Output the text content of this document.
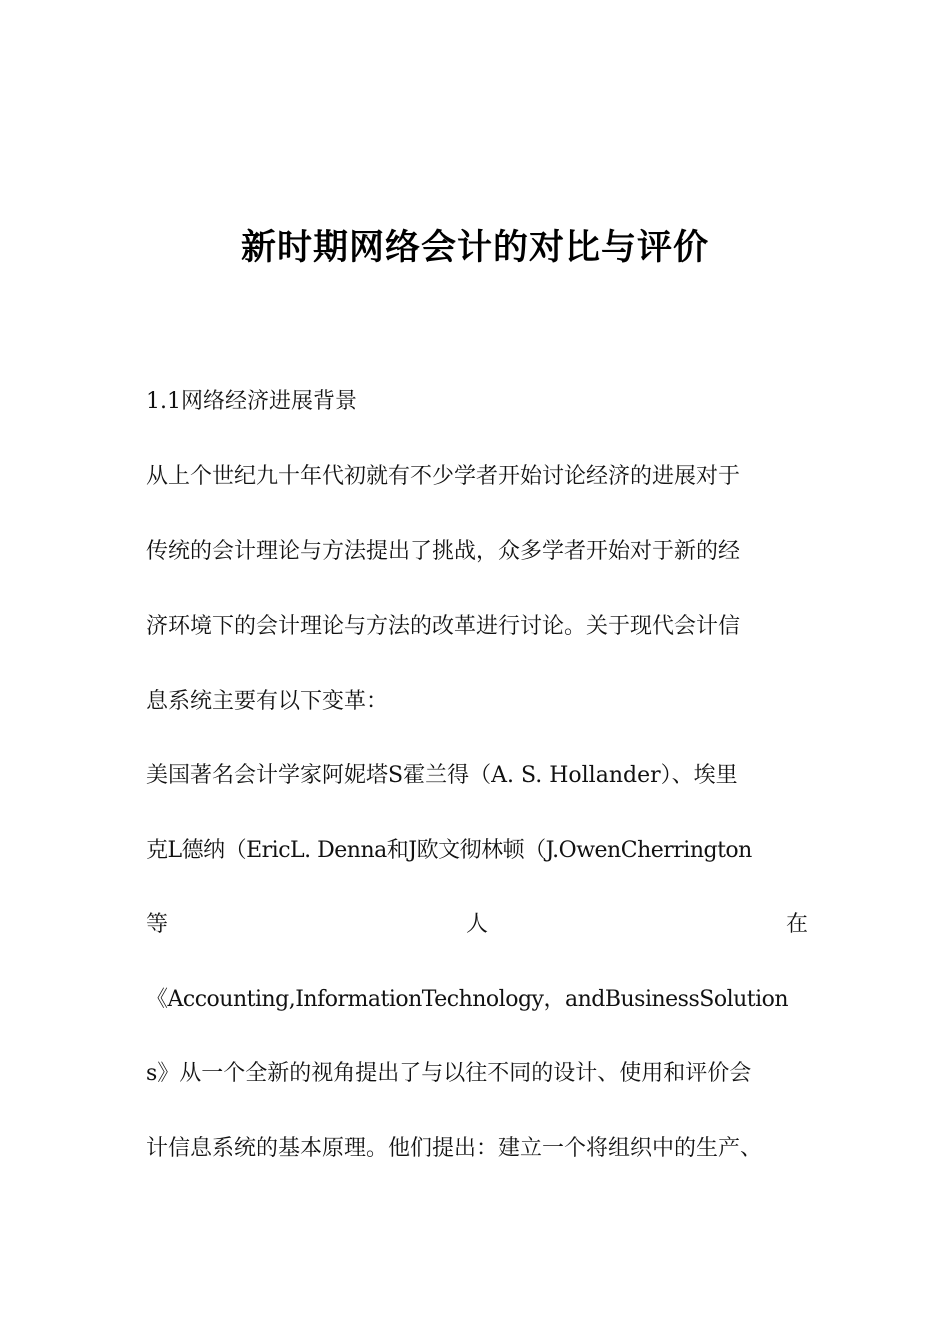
新时期网络会计的对比与评价
1.1网络经济进展背景
从上个世纪九十年代初就有不少学者开始讨论经济的进展对于
传统的会计理论与方法提出了挑战，众多学者开始对于新的经
济环境下的会计理论与方法的改革进行讨论。关于现代会计信
息系统主要有以下变革：
美国著名会计学家阿妮塔S霍兰得（A. S. Hollander）、埃里
克L德纳（EricL. Denna和J欧文彻林顿（J.OwenCherrington
等	人	在
《Accounting,InformationTechnology，andBusinessSolution
s》从一个全新的视角提出了与以往不同的设计、使用和评价会
计信息系统的基本原理。他们提出：建立一个将组织中的生产、
